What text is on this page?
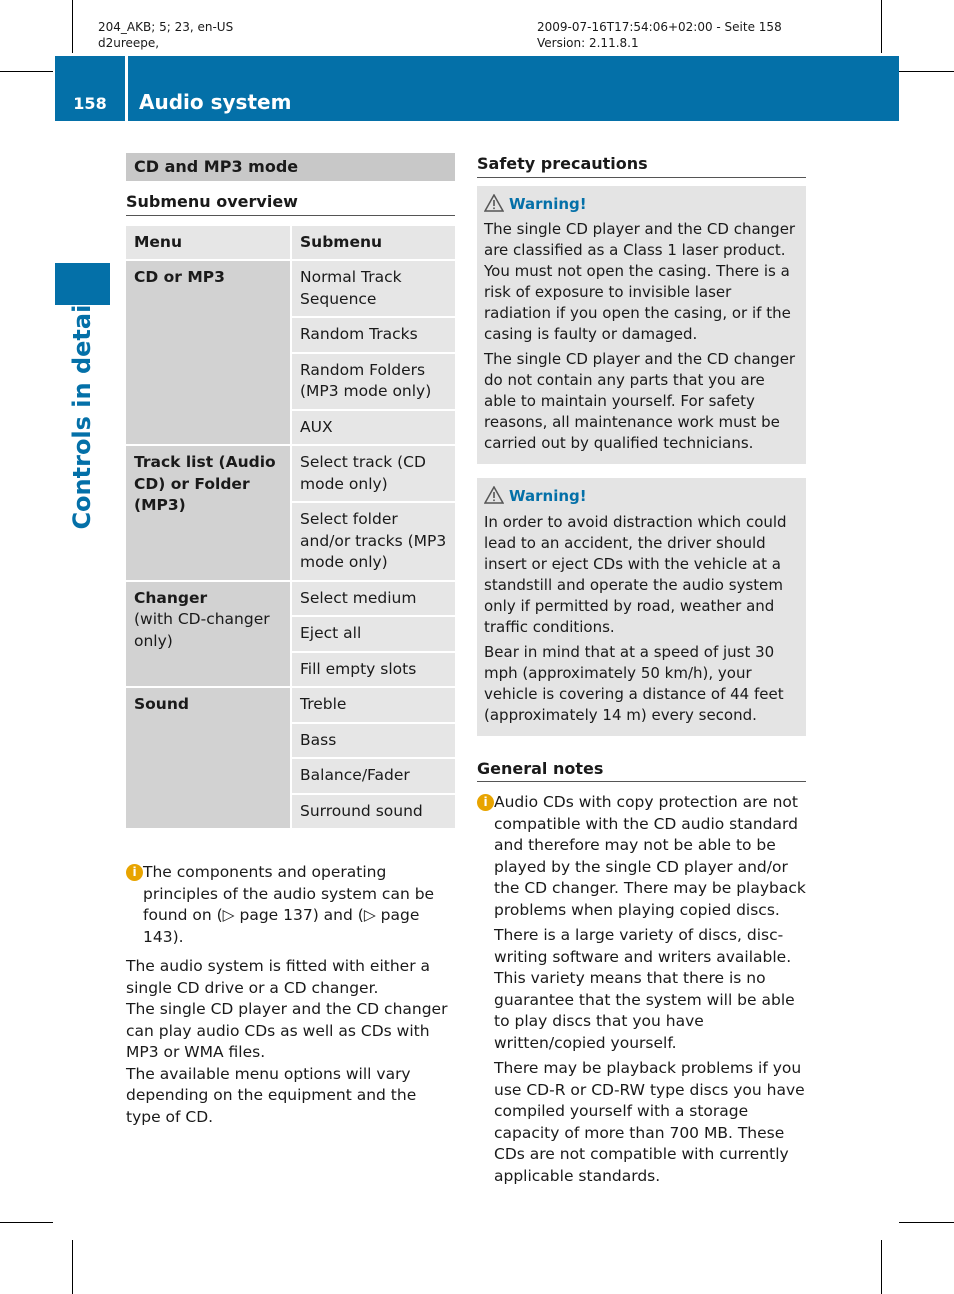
204_AKB; 5; 23, en-US
d2ureepe,
2009-07-16T17:54:06+02:00 - Seite 158
Version: 2.11.8.1
158	Audio system
Controls in detail
CD and MP3 mode
Submenu overview
Menu	Submenu
CD or MP3	Normal Track Sequence
	Random Tracks
	Random Folders (MP3 mode only)
	AUX
Track list (Audio CD) or Folder (MP3)	Select track (CD mode only)
	Select folder and/or tracks (MP3 mode only)
Changer
(with CD-changer only)	Select medium
	Eject all
	Fill empty slots
Sound	Treble
	Bass
	Balance/Fader
	Surround sound
i The components and operating principles of the audio system can be found on (▷ page 137) and (▷ page 143).

The audio system is fitted with either a single CD drive or a CD changer.

The single CD player and the CD changer can play audio CDs as well as CDs with MP3 or WMA files.

The available menu options will vary depending on the equipment and the type of CD.

Safety precautions
Warning!

The single CD player and the CD changer are classified as a Class 1 laser product. You must not open the casing. There is a risk of exposure to invisible laser radiation if you open the casing, or if the casing is faulty or damaged.

The single CD player and the CD changer do not contain any parts that you are able to maintain yourself. For safety reasons, all maintenance work must be carried out by qualified technicians.

Warning!

In order to avoid distraction which could lead to an accident, the driver should insert or eject CDs with the vehicle at a standstill and operate the audio system only if permitted by road, weather and traffic conditions.

Bear in mind that at a speed of just 30 mph (approximately 50 km/h), your vehicle is covering a distance of 44 feet (approximately 14 m) every second.

General notes
i Audio CDs with copy protection are not compatible with the CD audio standard and therefore may not be able to be played by the single CD player and/or the CD changer. There may be playback problems when playing copied discs.

There is a large variety of discs, disc-writing software and writers available. This variety means that there is no guarantee that the system will be able to play discs that you have written/copied yourself.

There may be playback problems if you use CD-R or CD-RW type discs you have compiled yourself with a storage capacity of more than 700 MB. These CDs are not compatible with currently applicable standards.
